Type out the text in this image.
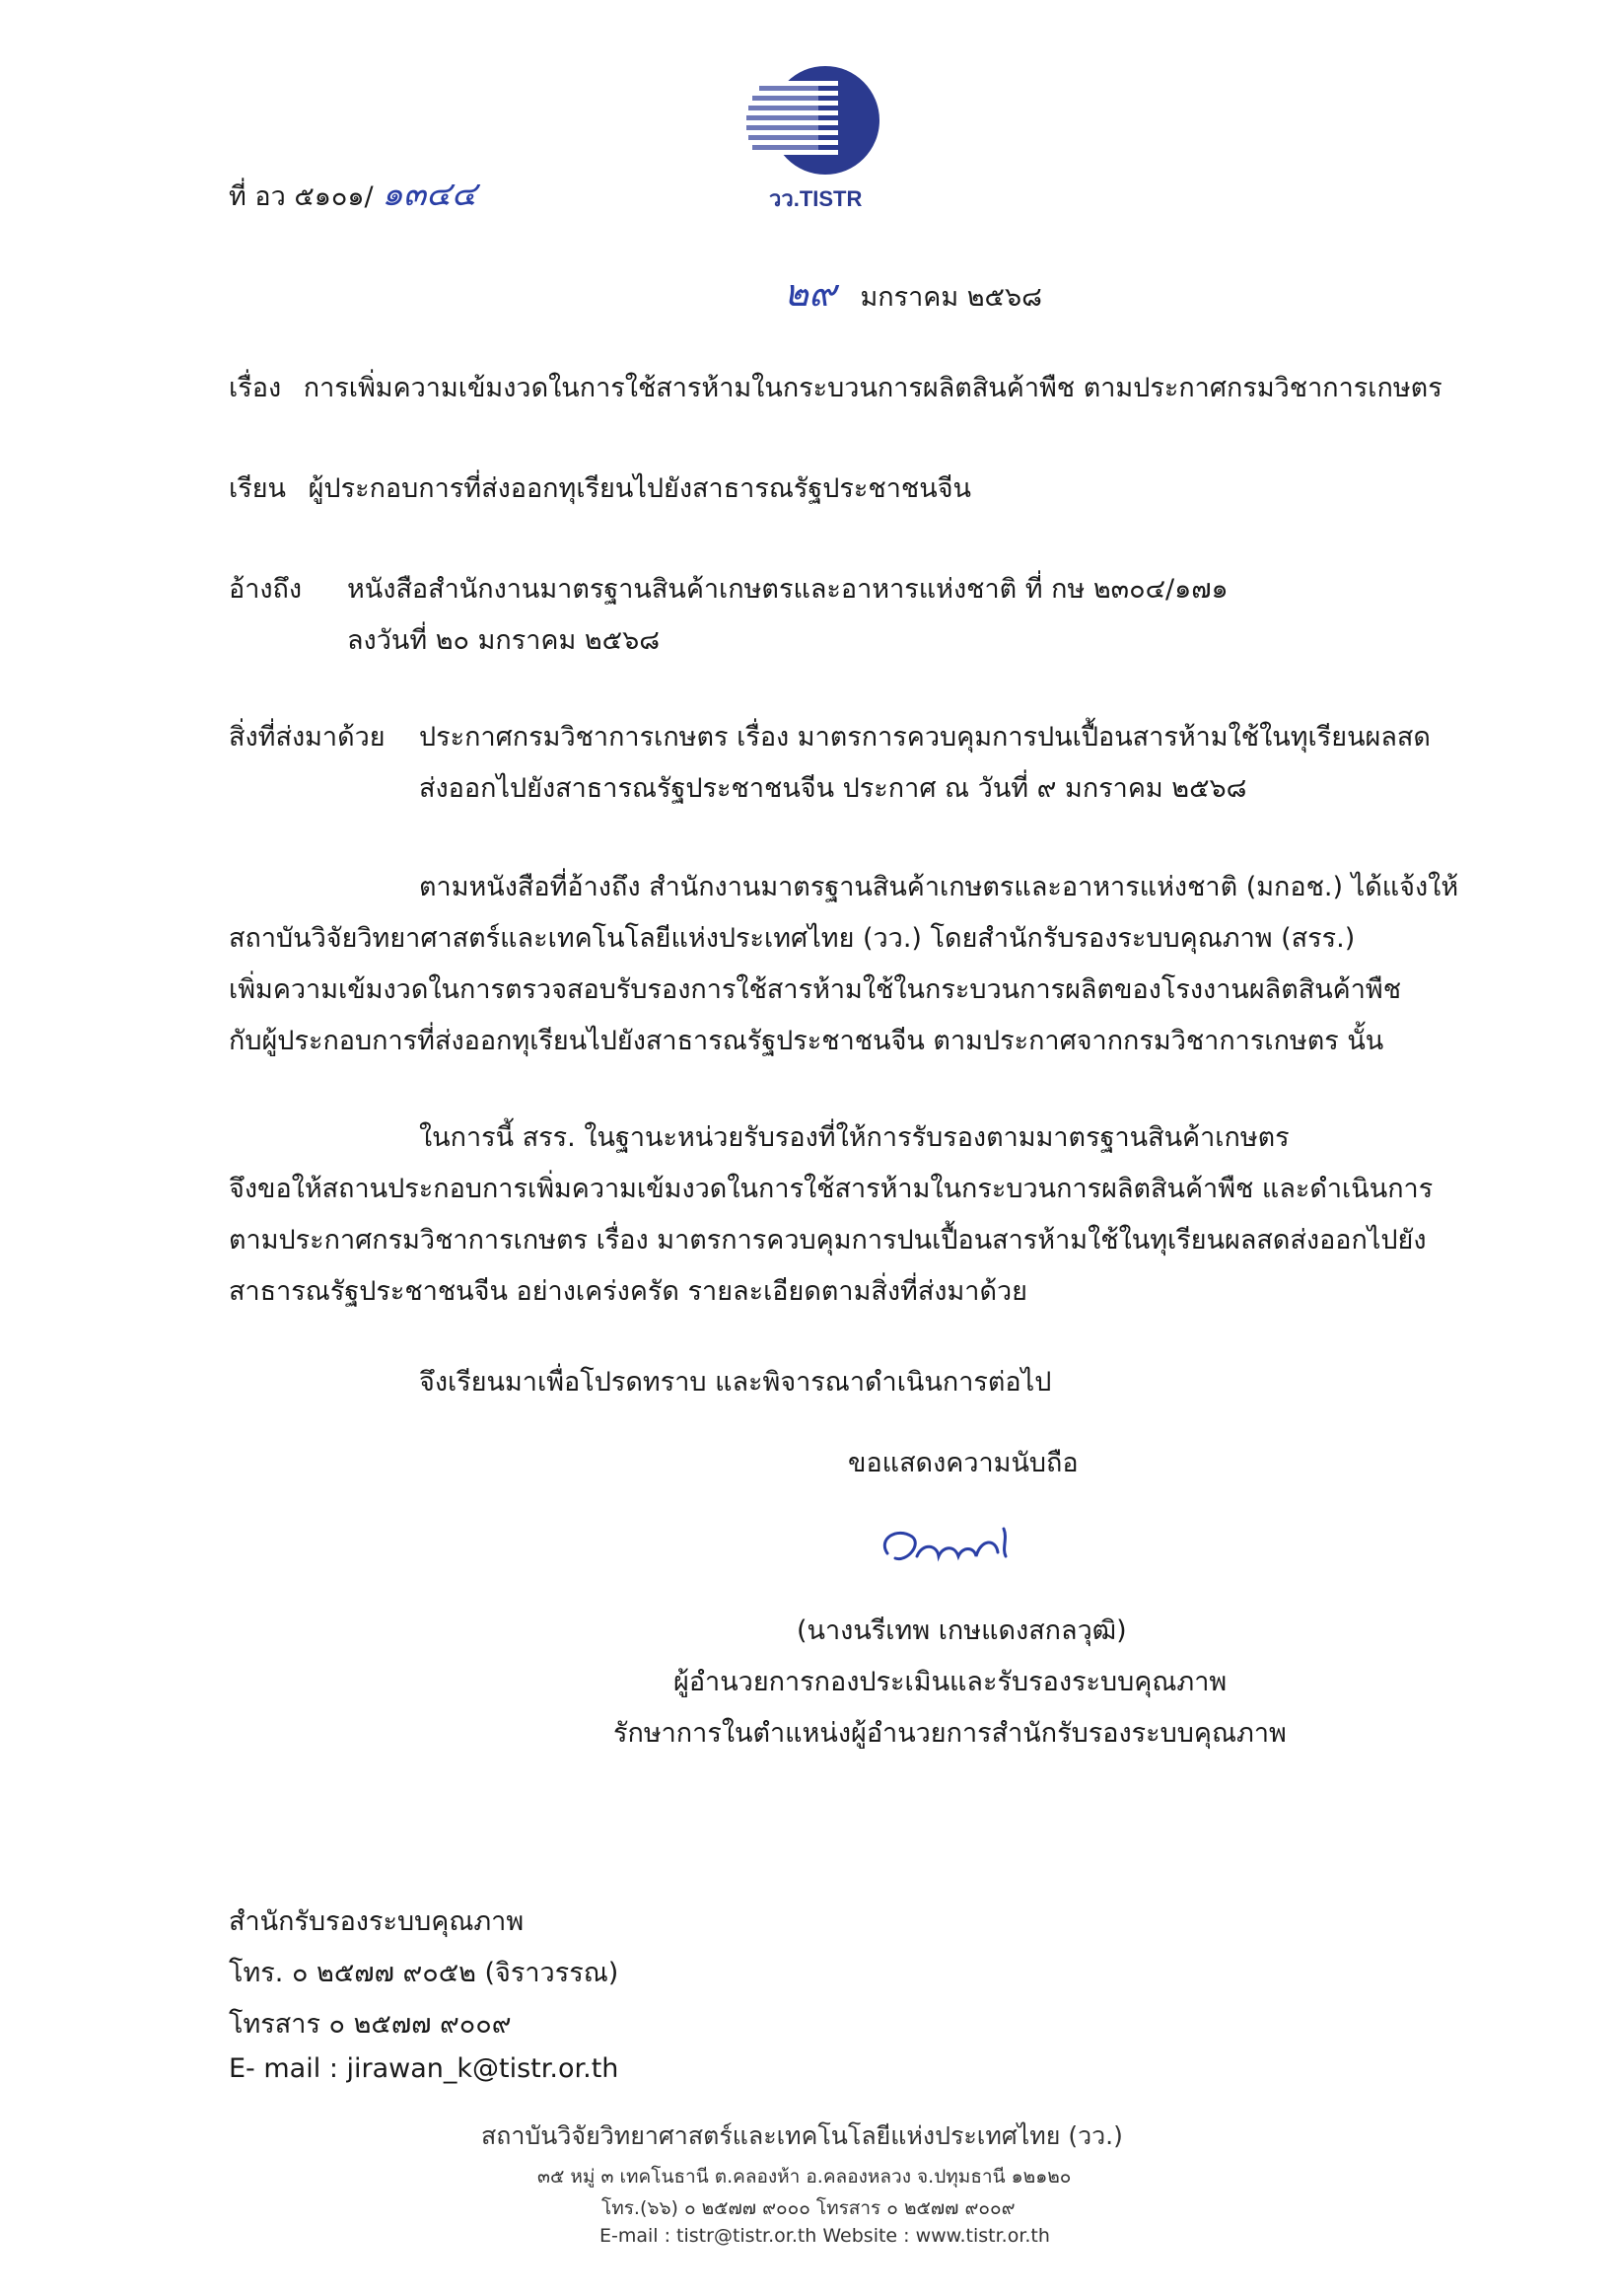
วว.TISTR
ที่ อว ๕๑๐๑/ ๑๓๔๔
๒๙ มกราคม ๒๕๖๘
เรื่อง การเพิ่มความเข้มงวดในการใช้สารห้ามในกระบวนการผลิตสินค้าพืช ตามประกาศกรมวิชาการเกษตร
เรียน ผู้ประกอบการที่ส่งออกทุเรียนไปยังสาธารณรัฐประชาชนจีน
อ้างถึง หนังสือสำนักงานมาตรฐานสินค้าเกษตรและอาหารแห่งชาติ ที่ กษ ๒๓๐๔/๑๗๑
ลงวันที่ ๒๐ มกราคม ๒๕๖๘
สิ่งที่ส่งมาด้วย ประกาศกรมวิชาการเกษตร เรื่อง มาตรการควบคุมการปนเปื้อนสารห้ามใช้ในทุเรียนผลสด
ส่งออกไปยังสาธารณรัฐประชาชนจีน ประกาศ ณ วันที่ ๙ มกราคม ๒๕๖๘
ตามหนังสือที่อ้างถึง สำนักงานมาตรฐานสินค้าเกษตรและอาหารแห่งชาติ (มกอช.) ได้แจ้งให้
สถาบันวิจัยวิทยาศาสตร์และเทคโนโลยีแห่งประเทศไทย (วว.) โดยสำนักรับรองระบบคุณภาพ (สรร.)
เพิ่มความเข้มงวดในการตรวจสอบรับรองการใช้สารห้ามใช้ในกระบวนการผลิตของโรงงานผลิตสินค้าพืช
กับผู้ประกอบการที่ส่งออกทุเรียนไปยังสาธารณรัฐประชาชนจีน ตามประกาศจากกรมวิชาการเกษตร นั้น
ในการนี้ สรร. ในฐานะหน่วยรับรองที่ให้การรับรองตามมาตรฐานสินค้าเกษตร
จึงขอให้สถานประกอบการเพิ่มความเข้มงวดในการใช้สารห้ามในกระบวนการผลิตสินค้าพืช และดำเนินการ
ตามประกาศกรมวิชาการเกษตร เรื่อง มาตรการควบคุมการปนเปื้อนสารห้ามใช้ในทุเรียนผลสดส่งออกไปยัง
สาธารณรัฐประชาชนจีน อย่างเคร่งครัด รายละเอียดตามสิ่งที่ส่งมาด้วย
จึงเรียนมาเพื่อโปรดทราบ และพิจารณาดำเนินการต่อไป
ขอแสดงความนับถือ
(นางนรีเทพ เกษแดงสกลวุฒิ)
ผู้อำนวยการกองประเมินและรับรองระบบคุณภาพ
รักษาการในตำแหน่งผู้อำนวยการสำนักรับรองระบบคุณภาพ
สำนักรับรองระบบคุณภาพ
โทร. ๐ ๒๕๗๗ ๙๐๕๒ (จิราวรรณ)
โทรสาร ๐ ๒๕๗๗ ๙๐๐๙
E- mail : jirawan_k@tistr.or.th
สถาบันวิจัยวิทยาศาสตร์และเทคโนโลยีแห่งประเทศไทย (วว.)
๓๕ หมู่ ๓ เทคโนธานี ต.คลองห้า อ.คลองหลวง จ.ปทุมธานี ๑๒๑๒๐
โทร.(๖๖) ๐ ๒๕๗๗ ๙๐๐๐ โทรสาร ๐ ๒๕๗๗ ๙๐๐๙
E-mail : tistr@tistr.or.th Website : www.tistr.or.th
